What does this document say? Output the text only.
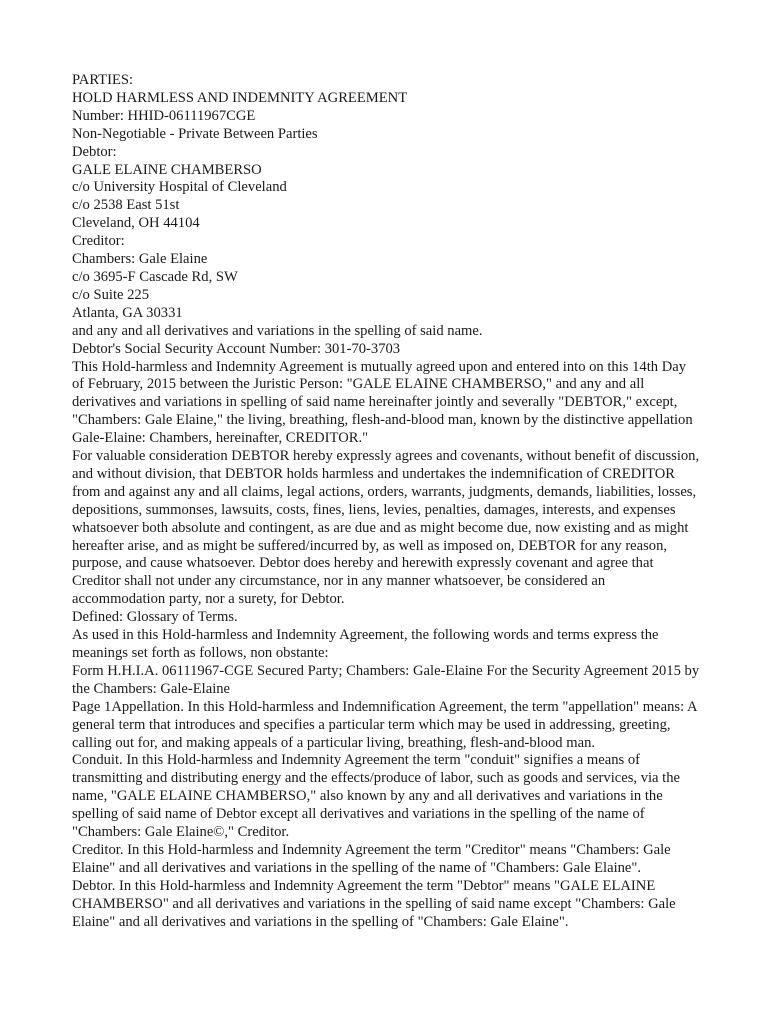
PARTIES:
HOLD HARMLESS AND INDEMNITY AGREEMENT
Number: HHID-06111967CGE
Non-Negotiable - Private Between Parties
Debtor:
GALE ELAINE CHAMBERSO
c/o University Hospital of Cleveland
c/o 2538 East 51st
Cleveland, OH 44104
Creditor:
Chambers: Gale Elaine
c/o 3695-F Cascade Rd, SW
c/o Suite 225
Atlanta, GA 30331
and any and all derivatives and variations in the spelling of said name.
Debtor's Social Security Account Number: 301-70-3703
This Hold-harmless and Indemnity Agreement is mutually agreed upon and entered into on this 14th Day of February, 2015 between the Juristic Person: "GALE ELAINE CHAMBERSO," and any and all derivatives and variations in spelling of said name hereinafter jointly and severally "DEBTOR," except, "Chambers: Gale Elaine," the living, breathing, flesh-and-blood man, known by the distinctive appellation Gale-Elaine: Chambers, hereinafter, CREDITOR."
For valuable consideration DEBTOR hereby expressly agrees and covenants, without benefit of discussion, and without division, that DEBTOR holds harmless and undertakes the indemnification of CREDITOR from and against any and all claims, legal actions, orders, warrants, judgments, demands, liabilities, losses, depositions, summonses, lawsuits, costs, fines, liens, levies, penalties, damages, interests, and expenses whatsoever both absolute and contingent, as are due and as might become due, now existing and as might hereafter arise, and as might be suffered/incurred by, as well as imposed on, DEBTOR for any reason, purpose, and cause whatsoever. Debtor does hereby and herewith expressly covenant and agree that Creditor shall not under any circumstance, nor in any manner whatsoever, be considered an accommodation party, nor a surety, for Debtor.
Defined: Glossary of Terms.
As used in this Hold-harmless and Indemnity Agreement, the following words and terms express the meanings set forth as follows, non obstante:
Form H.H.I.A. 06111967-CGE Secured Party; Chambers: Gale-Elaine For the Security Agreement 2015 by the Chambers: Gale-Elaine
Page 1Appellation. In this Hold-harmless and Indemnification Agreement, the term "appellation" means: A general term that introduces and specifies a particular term which may be used in addressing, greeting, calling out for, and making appeals of a particular living, breathing, flesh-and-blood man.
Conduit. In this Hold-harmless and Indemnity Agreement the term "conduit" signifies a means of transmitting and distributing energy and the effects/produce of labor, such as goods and services, via the name, "GALE ELAINE CHAMBERSO," also known by any and all derivatives and variations in the spelling of said name of Debtor except all derivatives and variations in the spelling of the name of "Chambers: Gale Elaine©," Creditor.
Creditor. In this Hold-harmless and Indemnity Agreement the term "Creditor" means "Chambers: Gale Elaine" and all derivatives and variations in the spelling of the name of "Chambers: Gale Elaine".
Debtor. In this Hold-harmless and Indemnity Agreement the term "Debtor" means "GALE ELAINE CHAMBERSO" and all derivatives and variations in the spelling of said name except "Chambers: Gale Elaine" and all derivatives and variations in the spelling of "Chambers: Gale Elaine".
